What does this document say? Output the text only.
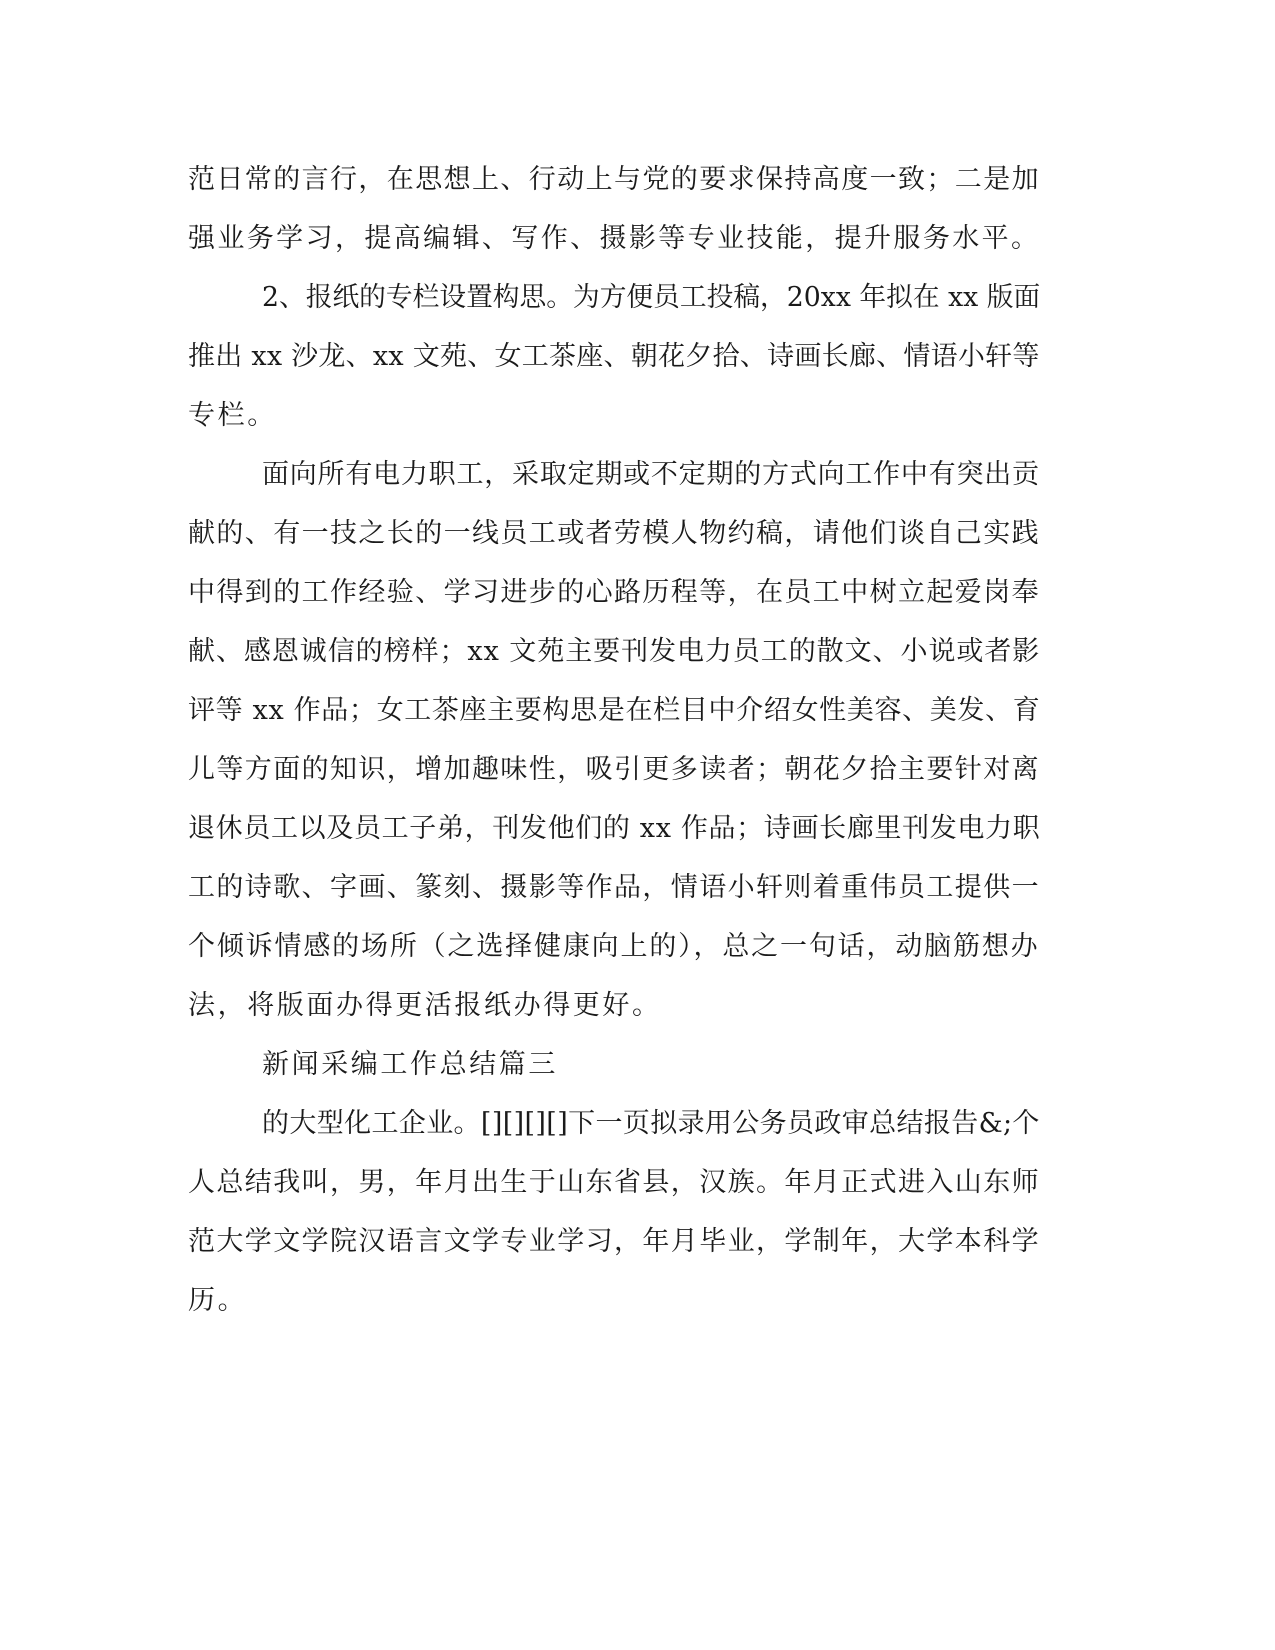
范日常的言行，在思想上、行动上与党的要求保持高度一致；二是加
强业务学习，提高编辑、写作、摄影等专业技能，提升服务水平。
2、报纸的专栏设置构思。为方便员工投稿，20xx 年拟在 xx 版面
推出 xx 沙龙、xx 文苑、女工茶座、朝花夕拾、诗画长廊、情语小轩等
专栏。
面向所有电力职工，采取定期或不定期的方式向工作中有突出贡
献的、有一技之长的一线员工或者劳模人物约稿，请他们谈自己实践
中得到的工作经验、学习进步的心路历程等，在员工中树立起爱岗奉
献、感恩诚信的榜样；xx 文苑主要刊发电力员工的散文、小说或者影
评等 xx 作品；女工茶座主要构思是在栏目中介绍女性美容、美发、育
儿等方面的知识，增加趣味性，吸引更多读者；朝花夕拾主要针对离
退休员工以及员工子弟，刊发他们的 xx 作品；诗画长廊里刊发电力职
工的诗歌、字画、篆刻、摄影等作品，情语小轩则着重伟员工提供一
个倾诉情感的场所（之选择健康向上的），总之一句话，动脑筋想办
法，将版面办得更活报纸办得更好。
新闻采编工作总结篇三
的大型化工企业。[][][][]下一页拟录用公务员政审总结报告&;个
人总结我叫，男，年月出生于山东省县，汉族。年月正式进入山东师
范大学文学院汉语言文学专业学习，年月毕业，学制年，大学本科学
历。
